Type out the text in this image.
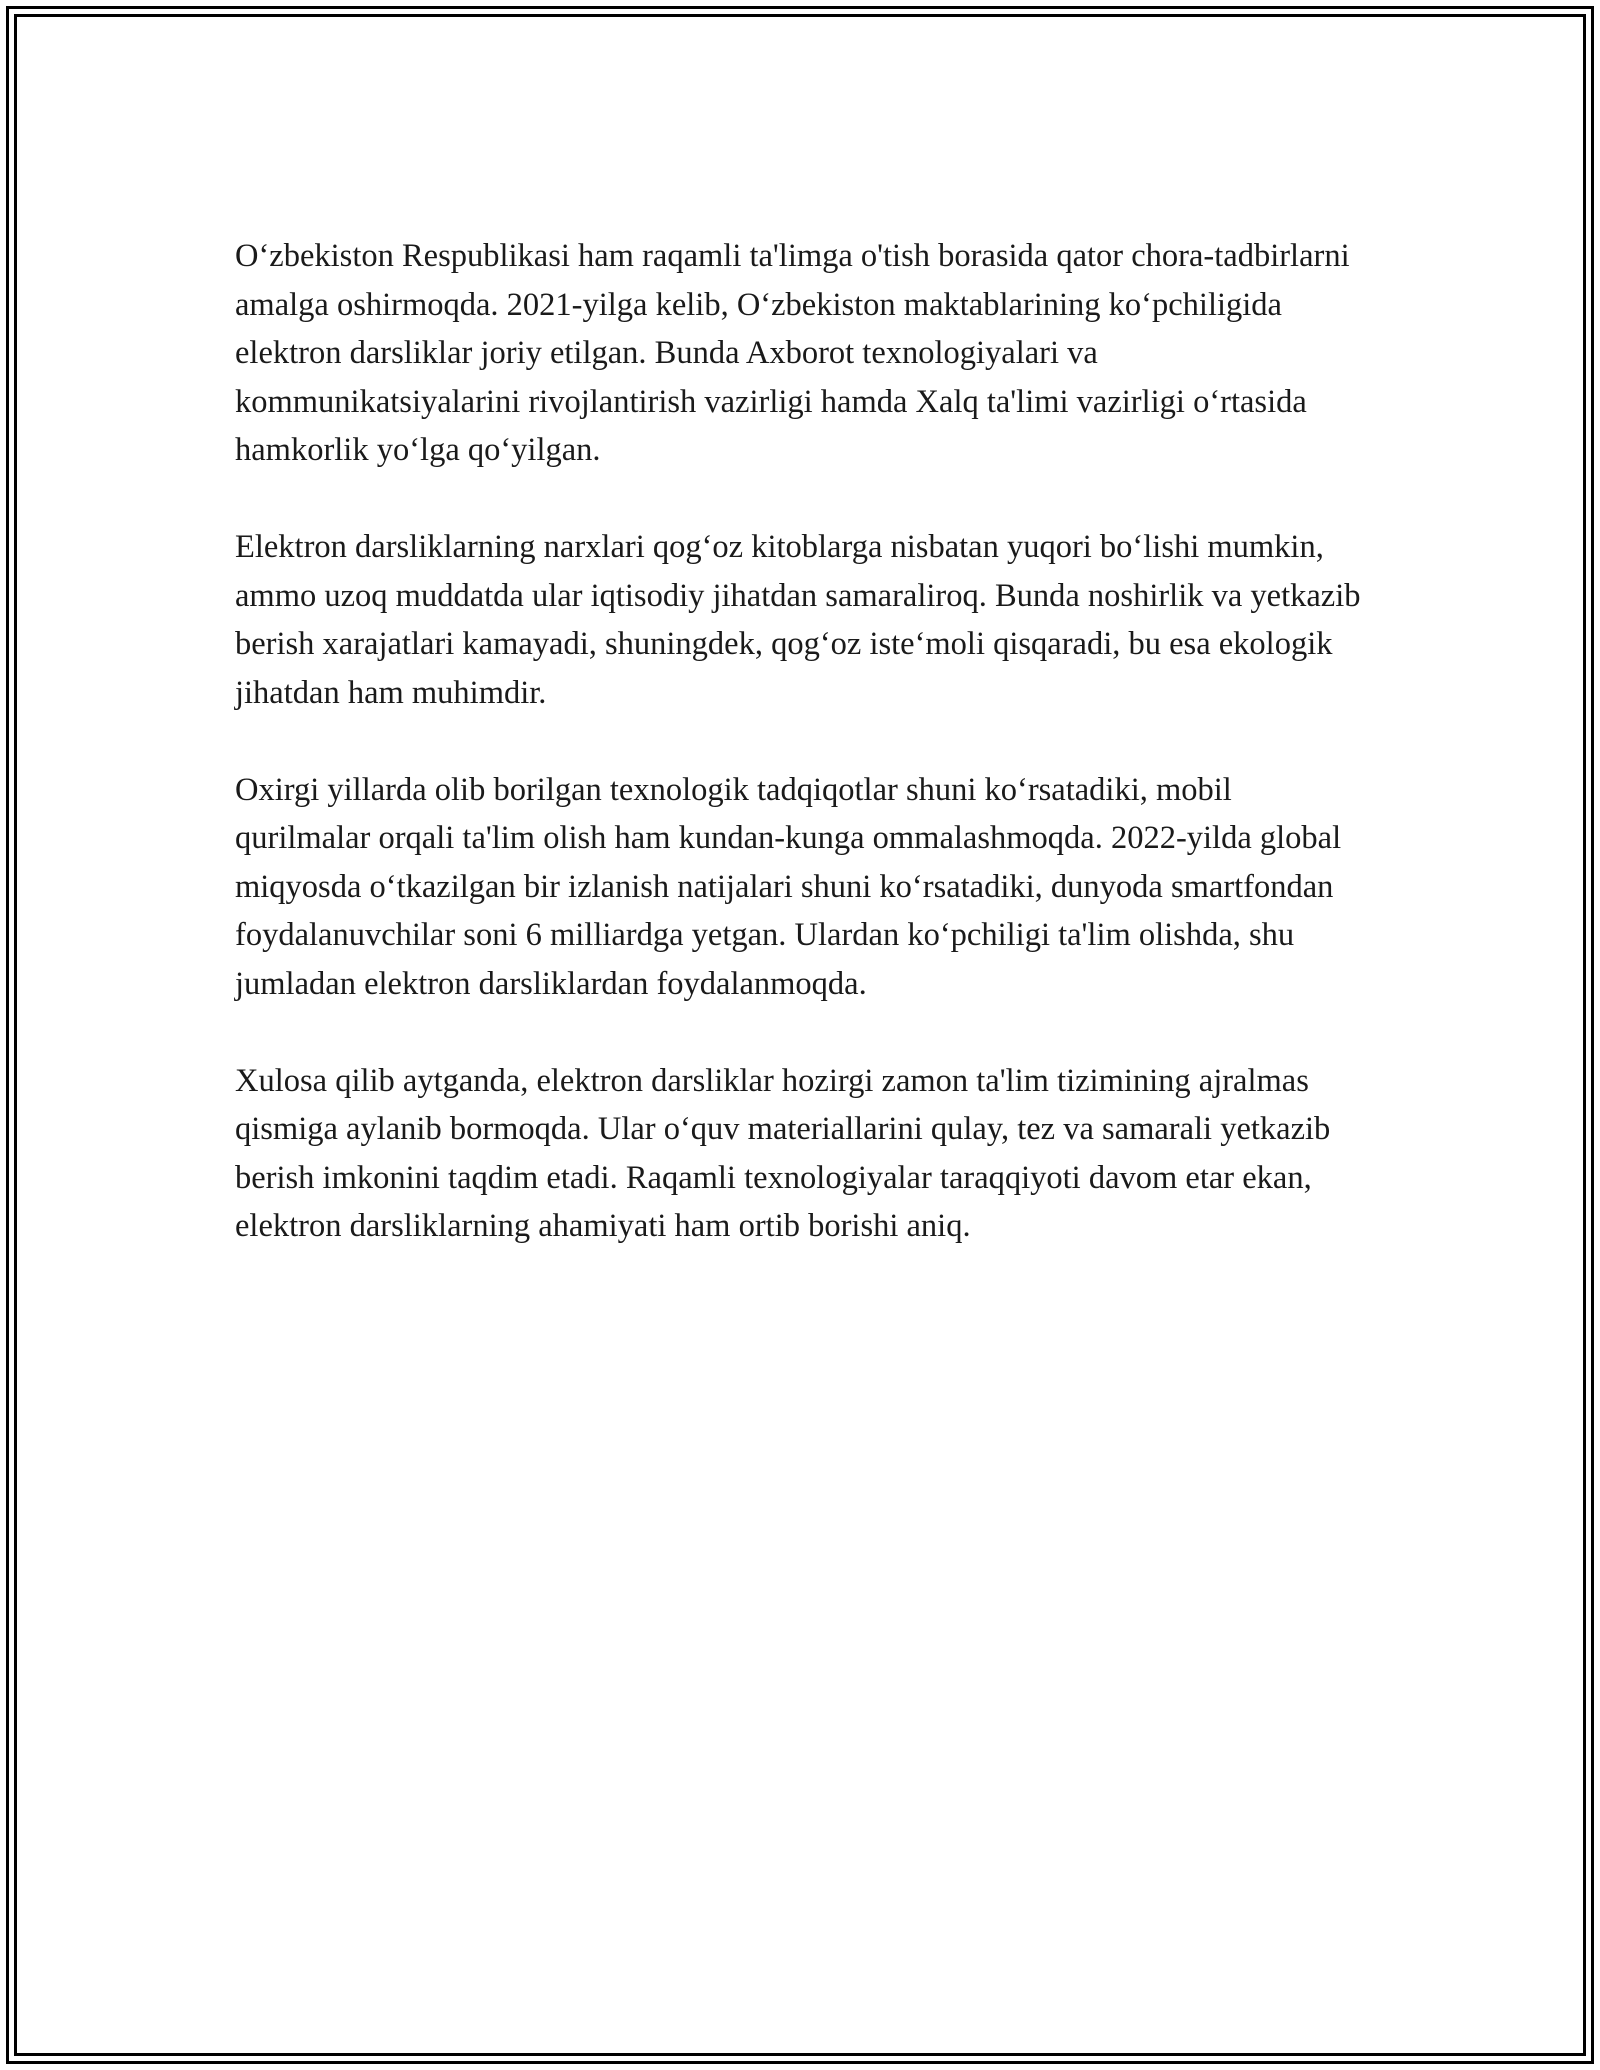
O‘zbekiston Respublikasi ham raqamli ta'limga o'tish borasida qator chora-tadbirlarni amalga oshirmoqda. 2021-yilga kelib, O‘zbekiston maktablarining ko‘pchiligida elektron darsliklar joriy etilgan. Bunda Axborot texnologiyalari va kommunikatsiyalarini rivojlantirish vazirligi hamda Xalq ta'limi vazirligi o‘rtasida hamkorlik yo‘lga qo‘yilgan.

Elektron darsliklarning narxlari qog‘oz kitoblarga nisbatan yuqori bo‘lishi mumkin, ammo uzoq muddatda ular iqtisodiy jihatdan samaraliroq. Bunda noshirlik va yetkazib berish xarajatlari kamayadi, shuningdek, qog‘oz iste‘moli qisqaradi, bu esa ekologik jihatdan ham muhimdir.

Oxirgi yillarda olib borilgan texnologik tadqiqotlar shuni ko‘rsatadiki, mobil qurilmalar orqali ta'lim olish ham kundan-kunga ommalashmoqda. 2022-yilda global miqyosda o‘tkazilgan bir izlanish natijalari shuni ko‘rsatadiki, dunyoda smartfondan foydalanuvchilar soni 6 milliardga yetgan. Ulardan ko‘pchiligi ta'lim olishda, shu jumladan elektron darsliklardan foydalanmoqda.

Xulosa qilib aytganda, elektron darsliklar hozirgi zamon ta'lim tizimining ajralmas qismiga aylanib bormoqda. Ular o‘quv materiallarini qulay, tez va samarali yetkazib berish imkonini taqdim etadi. Raqamli texnologiyalar taraqqiyoti davom etar ekan, elektron darsliklarning ahamiyati ham ortib borishi aniq.
